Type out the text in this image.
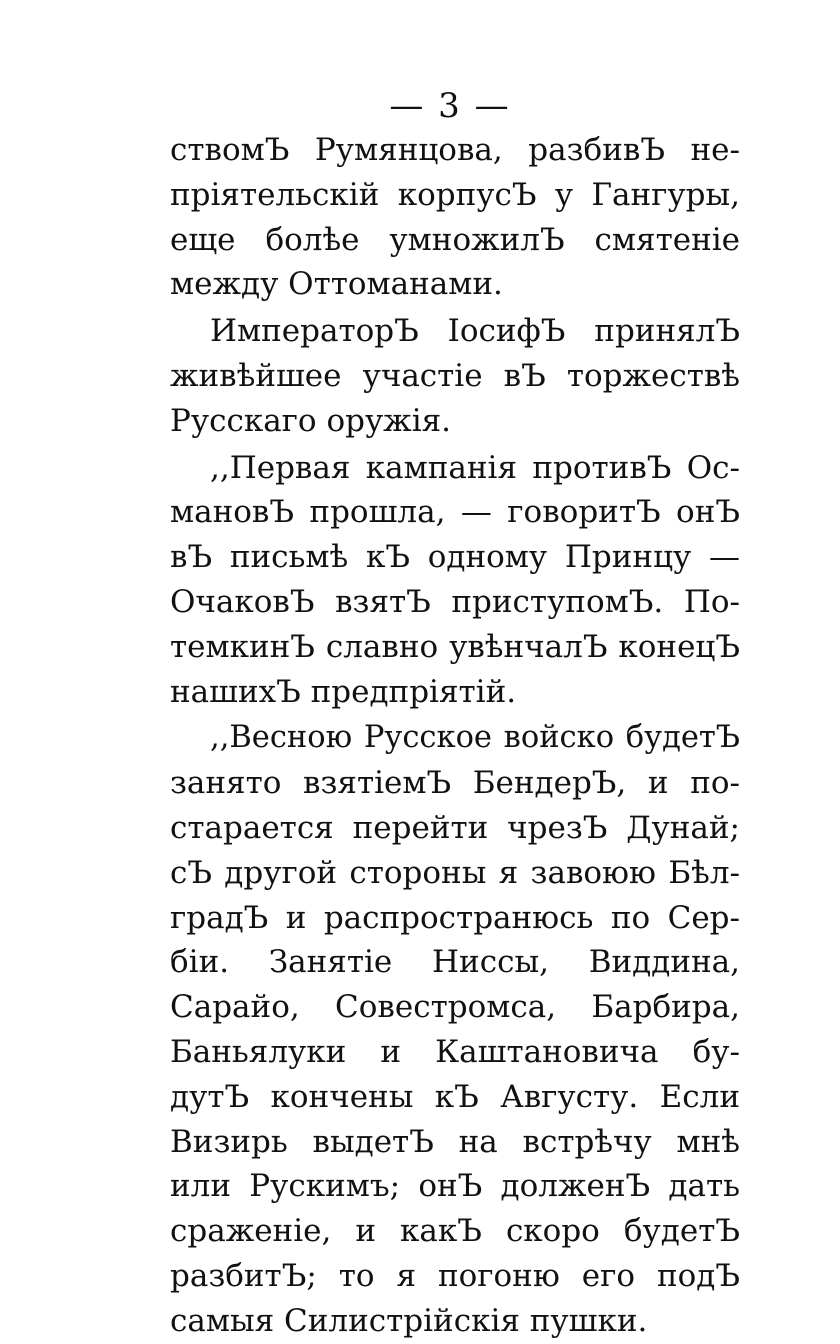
— 3 —
ствомЪ Румянцова, разбивЪ не-
пріятельскій корпусЪ у Гангуры,
еще болѣе умножилЪ смятеніе
между Оттоманами.
ИмператорЪ ІосифЪ принялЪ
живѣйшее участіе вЪ торжествѣ
Русскаго оружія.
,,Первая кампанія противЪ Ос-
мановЪ прошла, — говоритЪ онЪ
вЪ письмѣ кЪ одному Принцу —
ОчаковЪ взятЪ приступомЪ. По-
темкинЪ славно увѣнчалЪ конецЪ
нашихЪ предпріятій.
,,Весною Русское войско будетЪ
занято взятіемЪ БендерЪ, и по-
старается перейти чрезЪ Дунай;
сЪ другой стороны я завоюю Бѣл-
градЪ и распространюсь по Сер-
біи. Занятіе Ниссы, Виддина,
Сарайо, Совестромса, Барбира,
Баньялуки и Каштановича бу-
дутЪ кончены кЪ Августу. Если
Визирь выдетЪ на встрѣчу мнѣ
или Рускимъ; онЪ долженЪ дать
сраженіе, и какЪ скоро будетЪ
разбитЪ; то я погоню его подЪ
самыя Силистрійскія пушки.
